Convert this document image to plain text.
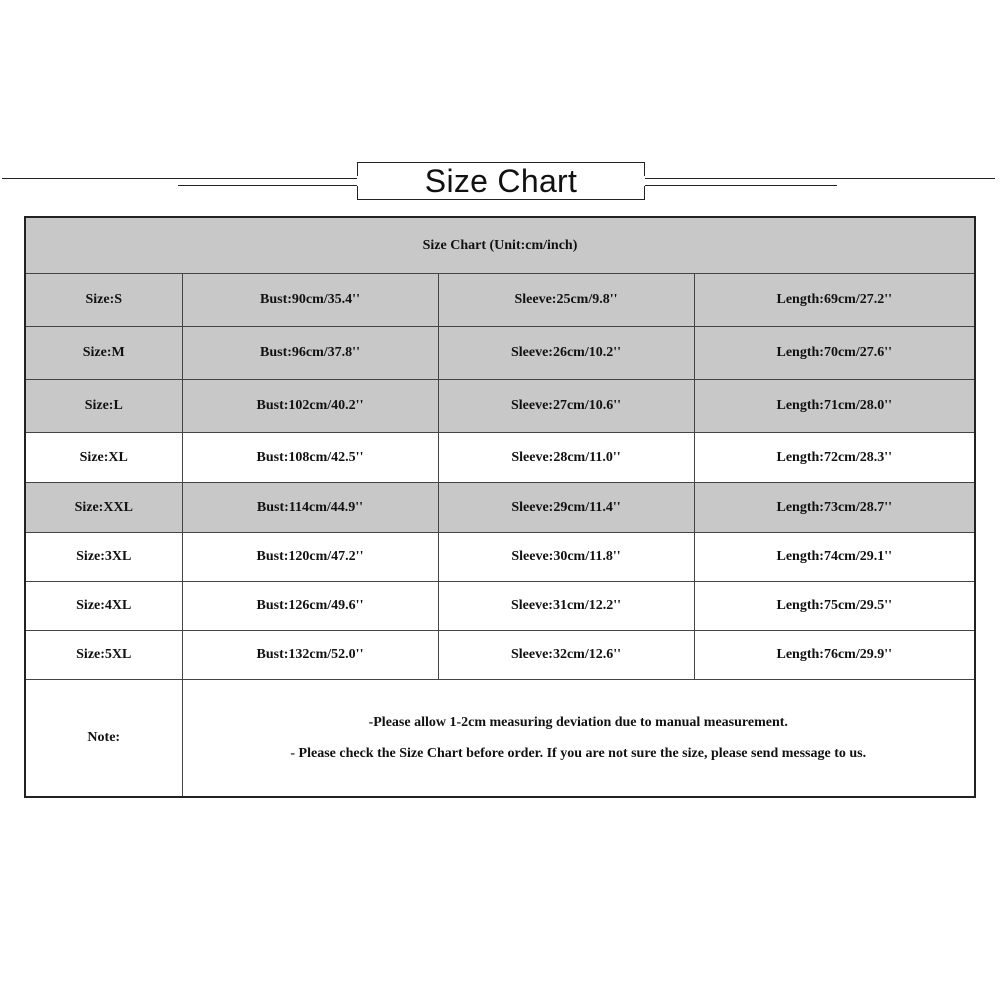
Size Chart
Size Chart (Unit:cm/inch)			
Size:S	Bust:90cm/35.4''	Sleeve:25cm/9.8''	Length:69cm/27.2''
Size:M	Bust:96cm/37.8''	Sleeve:26cm/10.2''	Length:70cm/27.6''
Size:L	Bust:102cm/40.2''	Sleeve:27cm/10.6''	Length:71cm/28.0''
Size:XL	Bust:108cm/42.5''	Sleeve:28cm/11.0''	Length:72cm/28.3''
Size:XXL	Bust:114cm/44.9''	Sleeve:29cm/11.4''	Length:73cm/28.7''
Size:3XL	Bust:120cm/47.2''	Sleeve:30cm/11.8''	Length:74cm/29.1''
Size:4XL	Bust:126cm/49.6''	Sleeve:31cm/12.2''	Length:75cm/29.5''
Size:5XL	Bust:132cm/52.0''	Sleeve:32cm/12.6''	Length:76cm/29.9''
Note:	-Please allow 1-2cm measuring deviation due to manual measurement.

- Please check the Size Chart before order. If you are not sure the size, please send message to us.		
